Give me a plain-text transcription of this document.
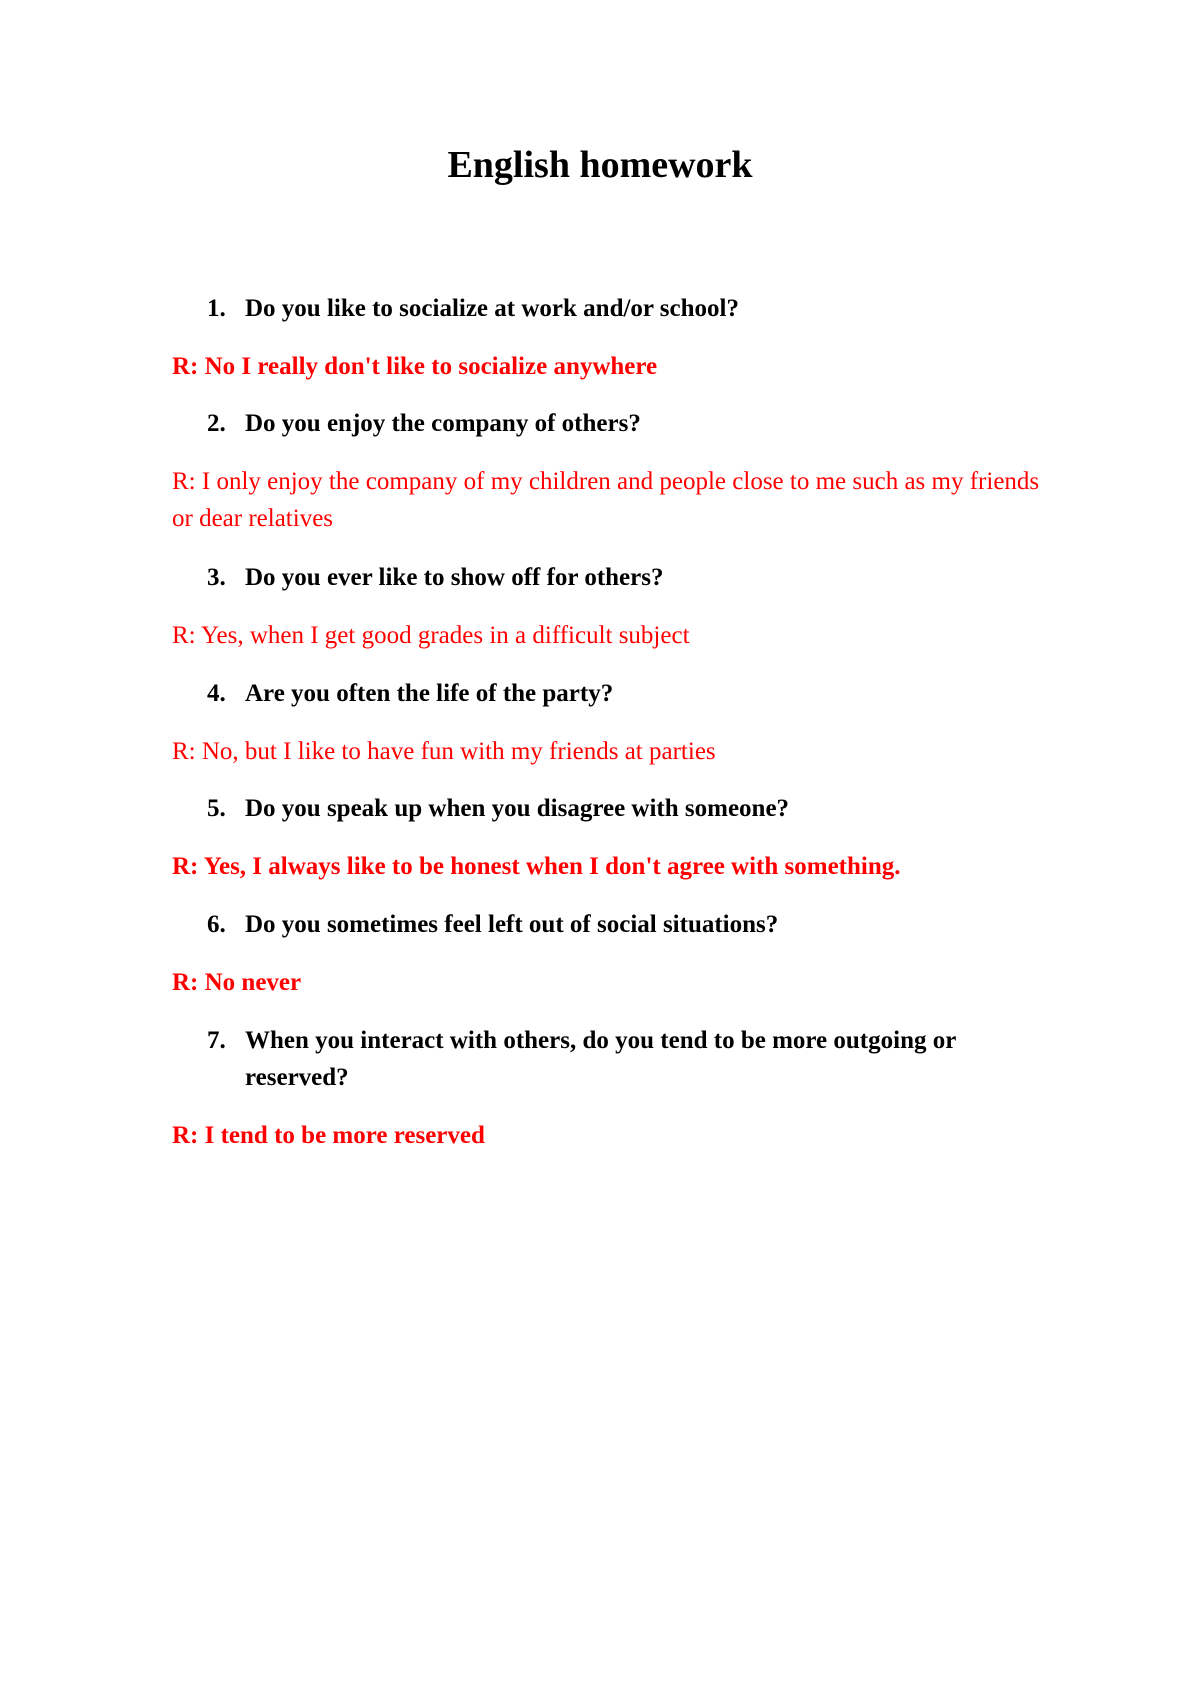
English homework
1. Do you like to socialize at work and/or school?

R: No I really don't like to socialize anywhere

2. Do you enjoy the company of others?

R: I only enjoy the company of my children and people close to me such as my friends or dear relatives

3. Do you ever like to show off for others?

R: Yes, when I get good grades in a difficult subject

4. Are you often the life of the party?

R: No, but I like to have fun with my friends at parties

5. Do you speak up when you disagree with someone?

R: Yes, I always like to be honest when I don't agree with something.

6. Do you sometimes feel left out of social situations?

R: No never

7. When you interact with others, do you tend to be more outgoing or reserved?

R: I tend to be more reserved
